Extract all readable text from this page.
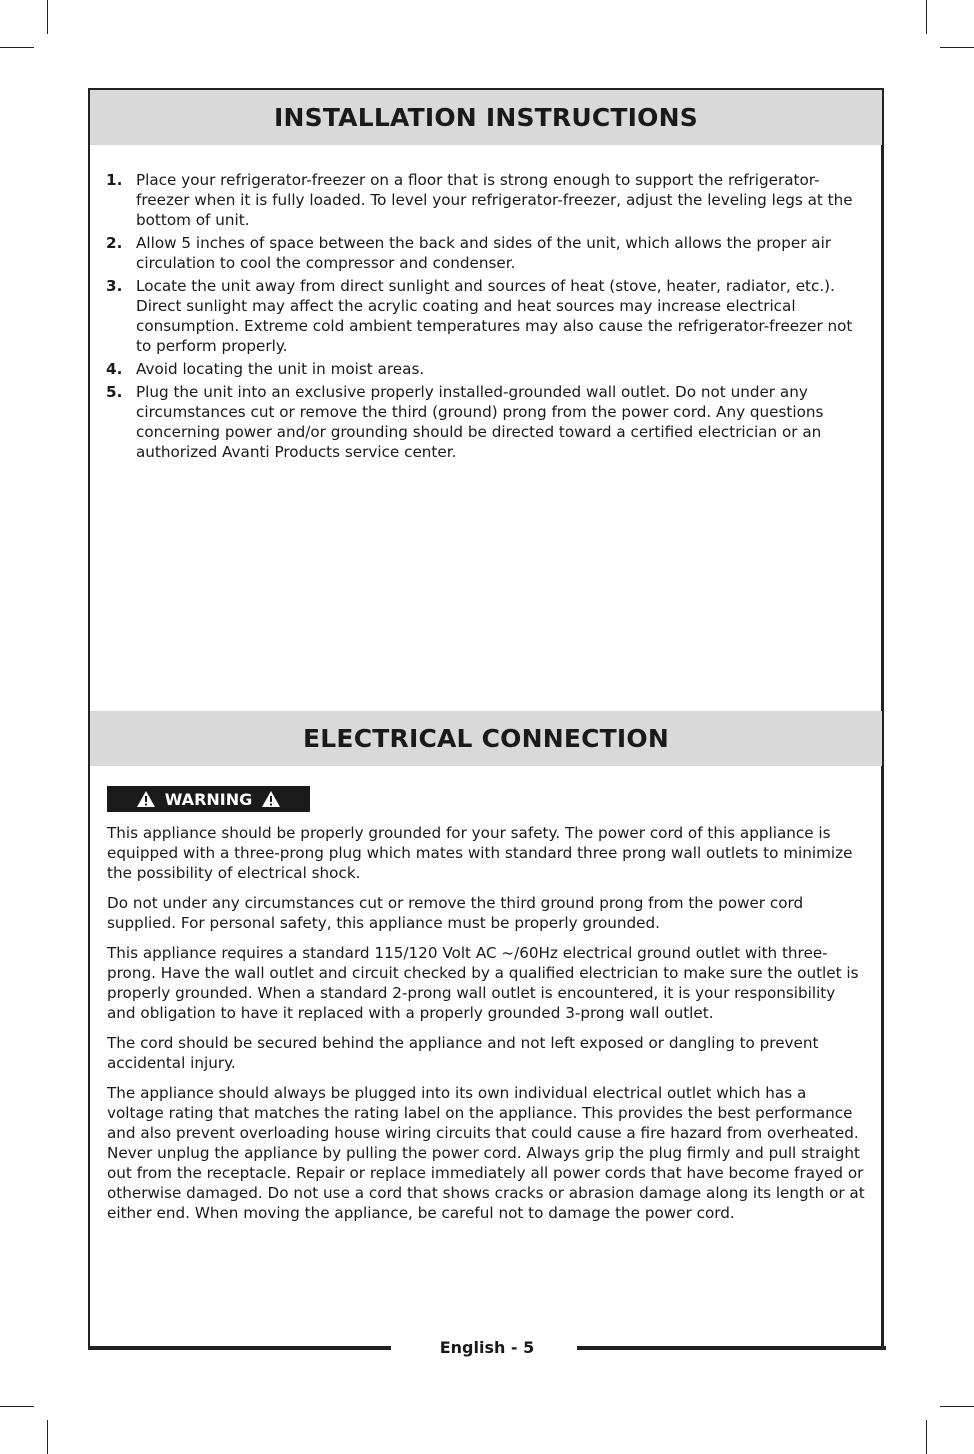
INSTALLATION INSTRUCTIONS
1. Place your refrigerator-freezer on a floor that is strong enough to support the refrigerator-freezer when it is fully loaded. To level your refrigerator-freezer, adjust the leveling legs at the bottom of unit.
2. Allow 5 inches of space between the back and sides of the unit, which allows the proper air circulation to cool the compressor and condenser.
3. Locate the unit away from direct sunlight and sources of heat (stove, heater, radiator, etc.). Direct sunlight may affect the acrylic coating and heat sources may increase electrical consumption. Extreme cold ambient temperatures may also cause the refrigerator-freezer not to perform properly.
4. Avoid locating the unit in moist areas.
5. Plug the unit into an exclusive properly installed-grounded wall outlet. Do not under any circumstances cut or remove the third (ground) prong from the power cord. Any questions concerning power and/or grounding should be directed toward a certified electrician or an authorized Avanti Products service center.
ELECTRICAL CONNECTION
WARNING

This appliance should be properly grounded for your safety. The power cord of this appliance is equipped with a three-prong plug which mates with standard three prong wall outlets to minimize the possibility of electrical shock.

Do not under any circumstances cut or remove the third ground prong from the power cord supplied. For personal safety, this appliance must be properly grounded.

This appliance requires a standard 115/120 Volt AC ~/60Hz electrical ground outlet with three-prong. Have the wall outlet and circuit checked by a qualified electrician to make sure the outlet is properly grounded. When a standard 2-prong wall outlet is encountered, it is your responsibility and obligation to have it replaced with a properly grounded 3-prong wall outlet.

The cord should be secured behind the appliance and not left exposed or dangling to prevent accidental injury.

The appliance should always be plugged into its own individual electrical outlet which has a voltage rating that matches the rating label on the appliance. This provides the best performance and also prevent overloading house wiring circuits that could cause a fire hazard from overheated. Never unplug the appliance by pulling the power cord. Always grip the plug firmly and pull straight out from the receptacle. Repair or replace immediately all power cords that have become frayed or otherwise damaged. Do not use a cord that shows cracks or abrasion damage along its length or at either end. When moving the appliance, be careful not to damage the power cord.

English - 5
